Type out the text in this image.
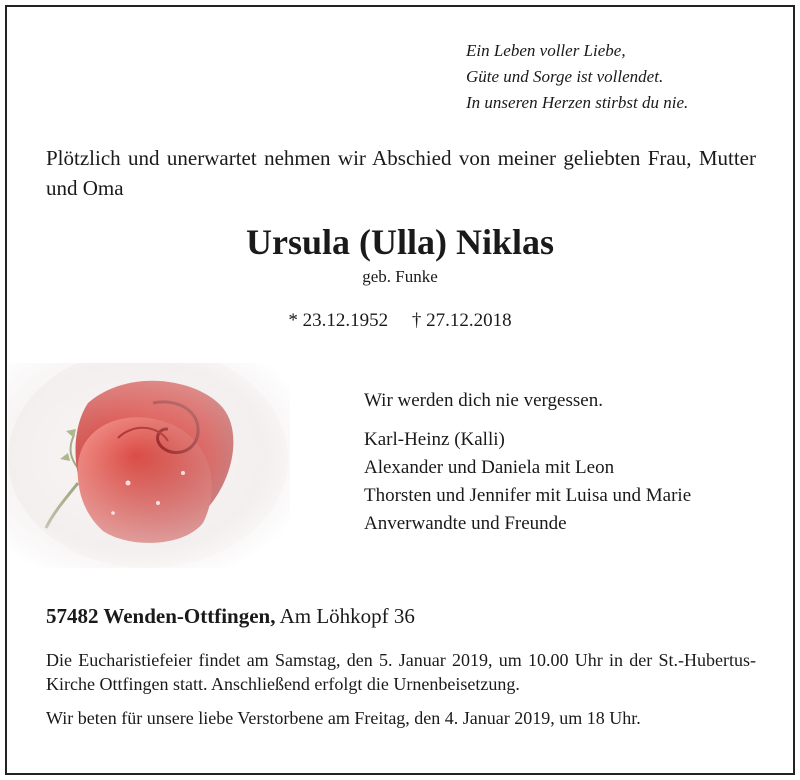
Ein Leben voller Liebe,
Güte und Sorge ist vollendet.
In unseren Herzen stirbst du nie.
Plötzlich und unerwartet nehmen wir Abschied von meiner geliebten Frau, Mutter und Oma
Ursula (Ulla) Niklas
geb. Funke
* 23.12.1952 † 27.12.2018
Wir werden dich nie vergessen.
Karl-Heinz (Kalli)
Alexander und Daniela mit Leon
Thorsten und Jennifer mit Luisa und Marie
Anverwandte und Freunde
57482 Wenden-Ottfingen, Am Löhkopf 36

Die Eucharistiefeier findet am Samstag, den 5. Januar 2019, um 10.00 Uhr in der St.-Hubertus-Kirche Ottfingen statt. Anschließend erfolgt die Urnenbeisetzung.

Wir beten für unsere liebe Verstorbene am Freitag, den 4. Januar 2019, um 18 Uhr.
